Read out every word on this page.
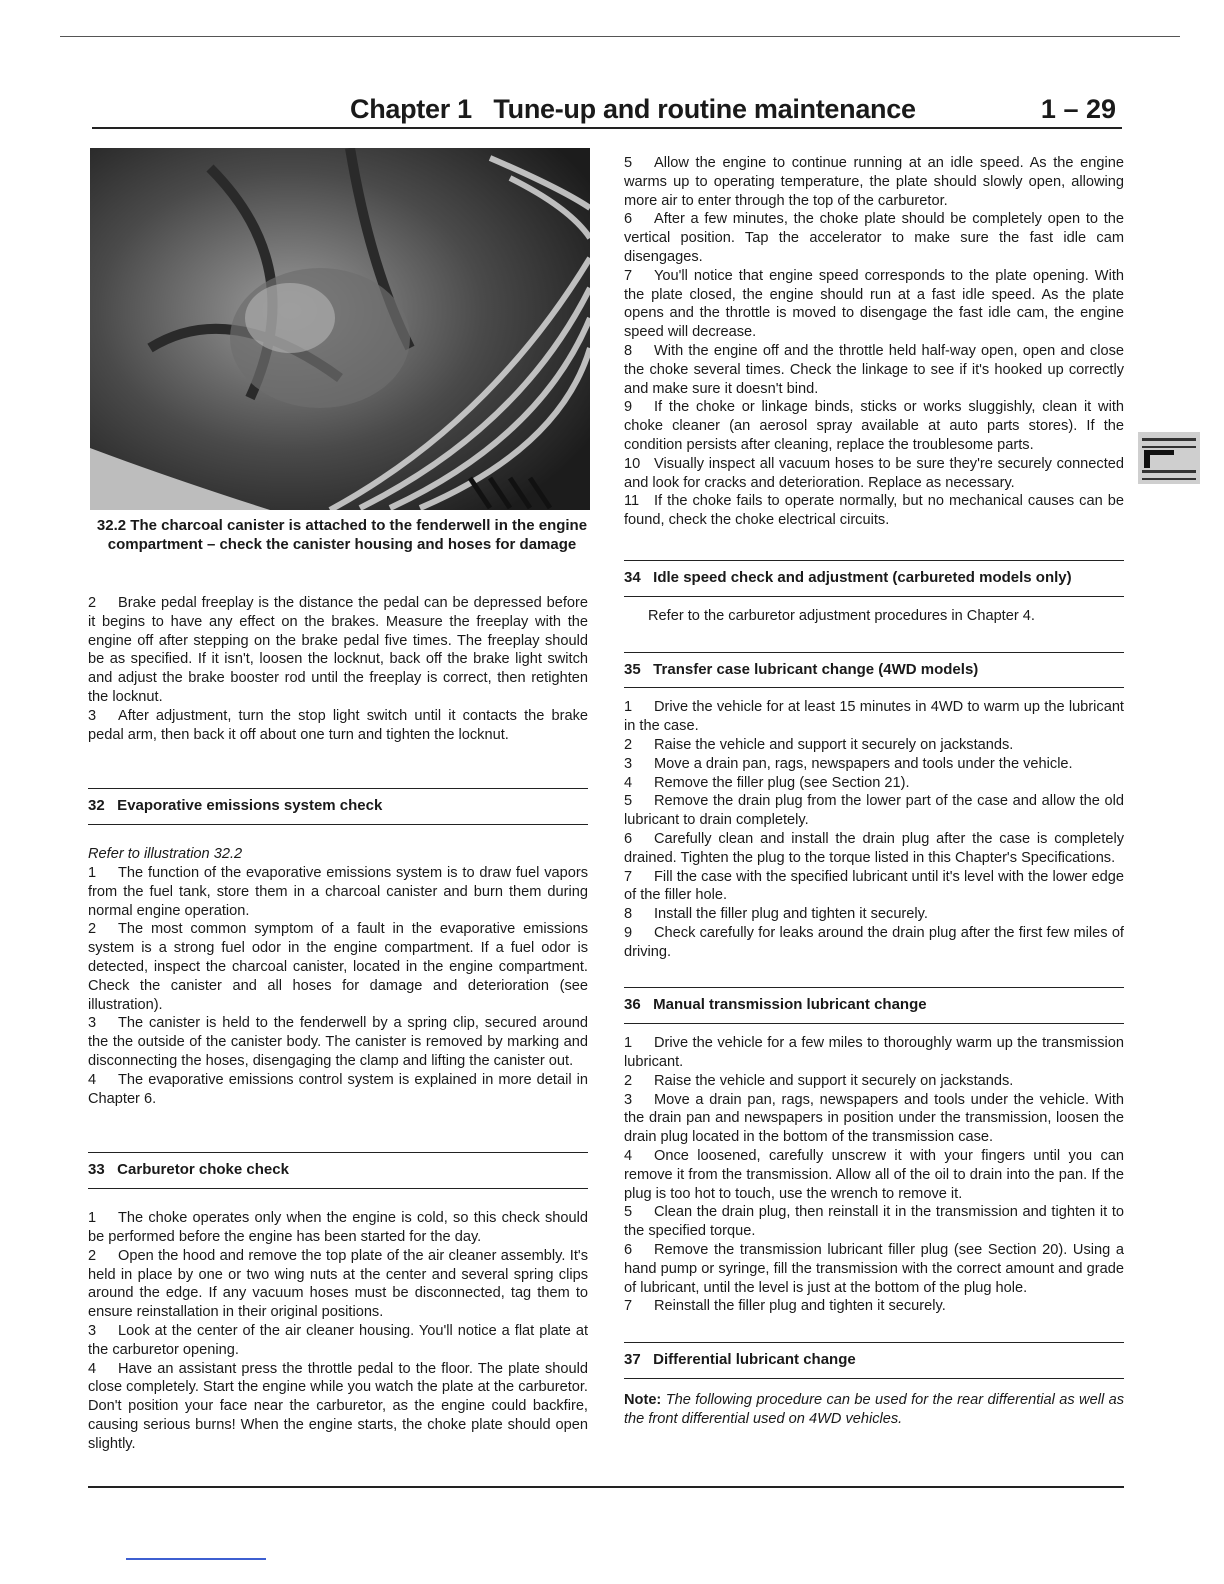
Chapter 1   Tune-up and routine maintenance	1 – 29
32.2 The charcoal canister is attached to the fenderwell in the engine compartment – check the canister housing and hoses for damage

2 Brake pedal freeplay is the distance the pedal can be depressed before it begins to have any effect on the brakes. Measure the freeplay with the engine off after stepping on the brake pedal five times. The freeplay should be as specified. If it isn't, loosen the locknut, back off the brake light switch and adjust the brake booster rod until the freeplay is correct, then retighten the locknut.

3 After adjustment, turn the stop light switch until it contacts the brake pedal arm, then back it off about one turn and tighten the locknut.

32   Evaporative emissions system check

Refer to illustration 32.2

1 The function of the evaporative emissions system is to draw fuel vapors from the fuel tank, store them in a charcoal canister and burn them during normal engine operation.

2 The most common symptom of a fault in the evaporative emissions system is a strong fuel odor in the engine compartment. If a fuel odor is detected, inspect the charcoal canister, located in the engine compartment. Check the canister and all hoses for damage and deterioration (see illustration).

3 The canister is held to the fenderwell by a spring clip, secured around the the outside of the canister body. The canister is removed by marking and disconnecting the hoses, disengaging the clamp and lifting the canister out.

4 The evaporative emissions control system is explained in more detail in Chapter 6.

33   Carburetor choke check

1 The choke operates only when the engine is cold, so this check should be performed before the engine has been started for the day.

2 Open the hood and remove the top plate of the air cleaner assembly. It's held in place by one or two wing nuts at the center and several spring clips around the edge. If any vacuum hoses must be disconnected, tag them to ensure reinstallation in their original positions.

3 Look at the center of the air cleaner housing. You'll notice a flat plate at the carburetor opening.

4 Have an assistant press the throttle pedal to the floor. The plate should close completely. Start the engine while you watch the plate at the carburetor. Don't position your face near the carburetor, as the engine could backfire, causing serious burns! When the engine starts, the choke plate should open slightly.

5 Allow the engine to continue running at an idle speed. As the engine warms up to operating temperature, the plate should slowly open, allowing more air to enter through the top of the carburetor.

6 After a few minutes, the choke plate should be completely open to the vertical position. Tap the accelerator to make sure the fast idle cam disengages.

7 You'll notice that engine speed corresponds to the plate opening. With the plate closed, the engine should run at a fast idle speed. As the plate opens and the throttle is moved to disengage the fast idle cam, the engine speed will decrease.

8 With the engine off and the throttle held half-way open, open and close the choke several times. Check the linkage to see if it's hooked up correctly and make sure it doesn't bind.

9 If the choke or linkage binds, sticks or works sluggishly, clean it with choke cleaner (an aerosol spray available at auto parts stores). If the condition persists after cleaning, replace the troublesome parts.

10 Visually inspect all vacuum hoses to be sure they're securely connected and look for cracks and deterioration. Replace as necessary.

11 If the choke fails to operate normally, but no mechanical causes can be found, check the choke electrical circuits.

34   Idle speed check and adjustment (carbureted models only)

Refer to the carburetor adjustment procedures in Chapter 4.

35   Transfer case lubricant change (4WD models)

1 Drive the vehicle for at least 15 minutes in 4WD to warm up the lubricant in the case.

2 Raise the vehicle and support it securely on jackstands.

3 Move a drain pan, rags, newspapers and tools under the vehicle.

4 Remove the filler plug (see Section 21).

5 Remove the drain plug from the lower part of the case and allow the old lubricant to drain completely.

6 Carefully clean and install the drain plug after the case is completely drained. Tighten the plug to the torque listed in this Chapter's Specifications.

7 Fill the case with the specified lubricant until it's level with the lower edge of the filler hole.

8 Install the filler plug and tighten it securely.

9 Check carefully for leaks around the drain plug after the first few miles of driving.

36   Manual transmission lubricant change

1 Drive the vehicle for a few miles to thoroughly warm up the transmission lubricant.

2 Raise the vehicle and support it securely on jackstands.

3 Move a drain pan, rags, newspapers and tools under the vehicle. With the drain pan and newspapers in position under the transmission, loosen the drain plug located in the bottom of the transmission case.

4 Once loosened, carefully unscrew it with your fingers until you can remove it from the transmission. Allow all of the oil to drain into the pan. If the plug is too hot to touch, use the wrench to remove it.

5 Clean the drain plug, then reinstall it in the transmission and tighten it to the specified torque.

6 Remove the transmission lubricant filler plug (see Section 20). Using a hand pump or syringe, fill the transmission with the correct amount and grade of lubricant, until the level is just at the bottom of the plug hole.

7 Reinstall the filler plug and tighten it securely.

37   Differential lubricant change

Note: The following procedure can be used for the rear differential as well as the front differential used on 4WD vehicles.
